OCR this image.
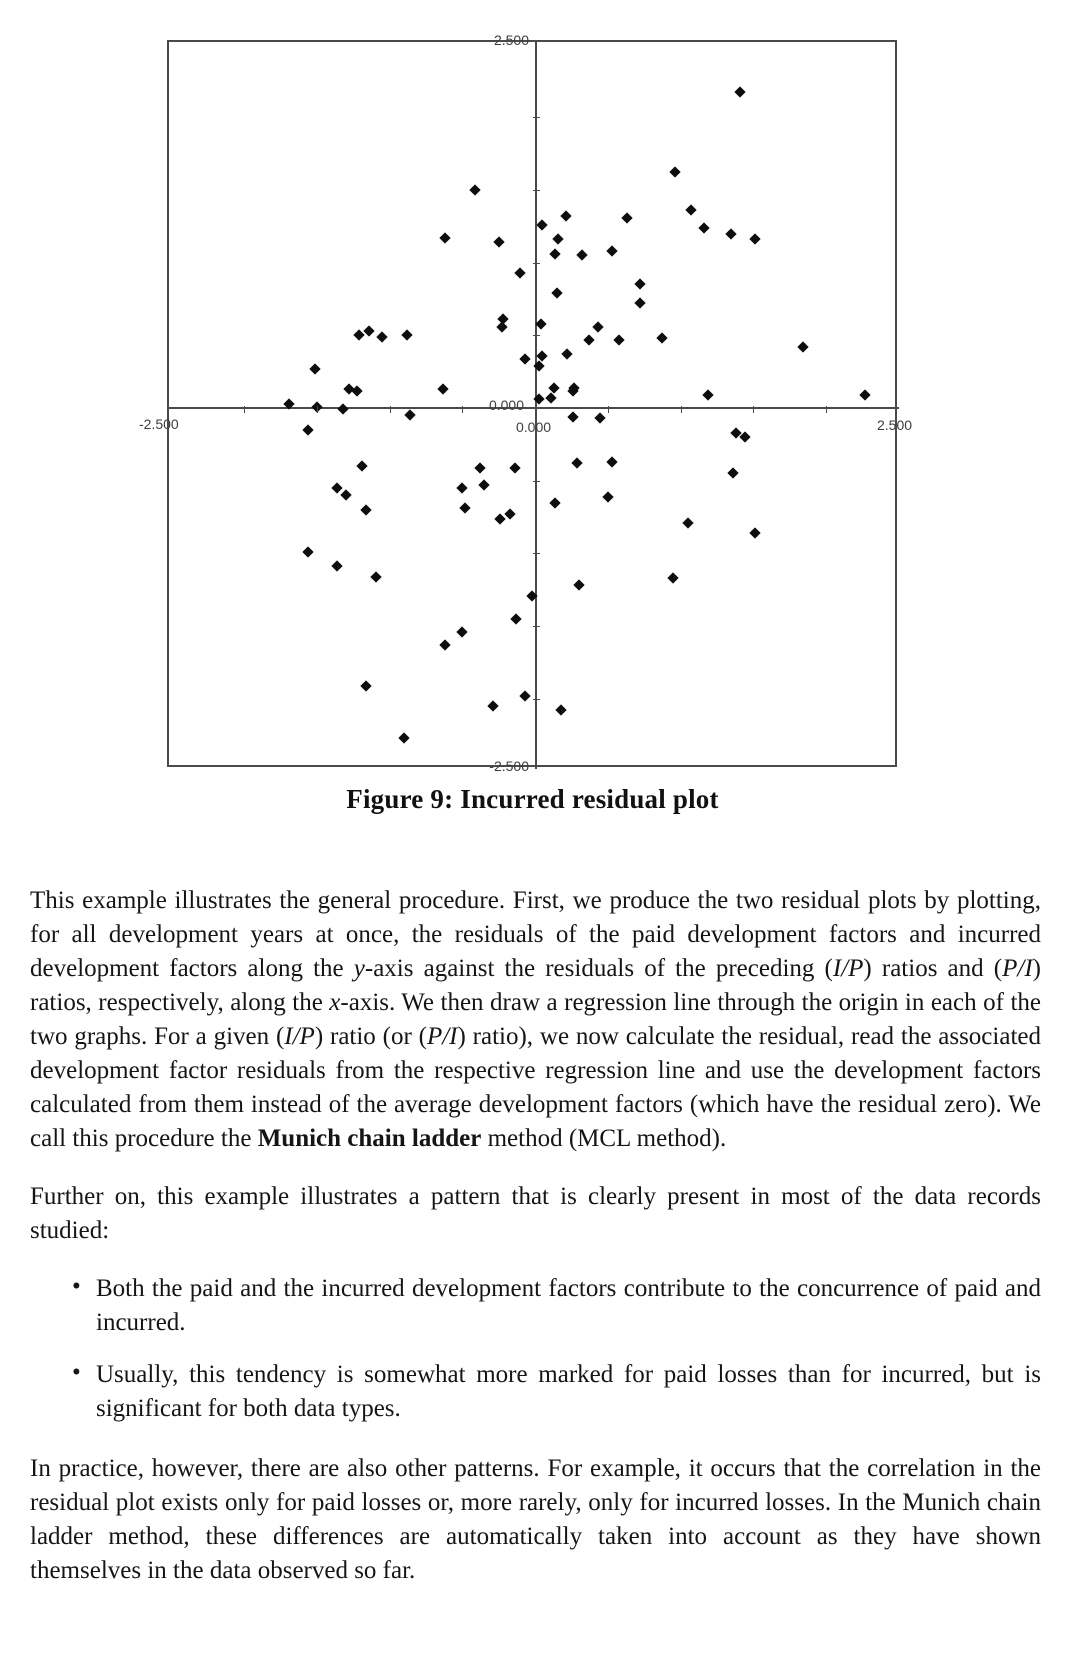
2.500
-2.500
0.000
-2.500	0.000	2.500
Figure 9: Incurred residual plot

This example illustrates the general procedure. First, we produce the two residual plots by plotting, for all development years at once, the residuals of the paid development factors and incurred development factors along the y-axis against the residuals of the preceding (I/P) ratios and (P/I) ratios, respectively, along the x-axis. We then draw a regression line through the origin in each of the two graphs. For a given (I/P) ratio (or (P/I) ratio), we now calculate the residual, read the associated development factor residuals from the respective regression line and use the development factors calculated from them instead of the average development factors (which have the residual zero). We call this procedure the Munich chain ladder method (MCL method).

Further on, this example illustrates a pattern that is clearly present in most of the data records studied:

• Both the paid and the incurred development factors contribute to the concurrence of paid and incurred.
• Usually, this tendency is somewhat more marked for paid losses than for incurred, but is significant for both data types.

In practice, however, there are also other patterns. For example, it occurs that the correlation in the residual plot exists only for paid losses or, more rarely, only for incurred losses. In the Munich chain ladder method, these differences are automatically taken into account as they have shown themselves in the data observed so far.
